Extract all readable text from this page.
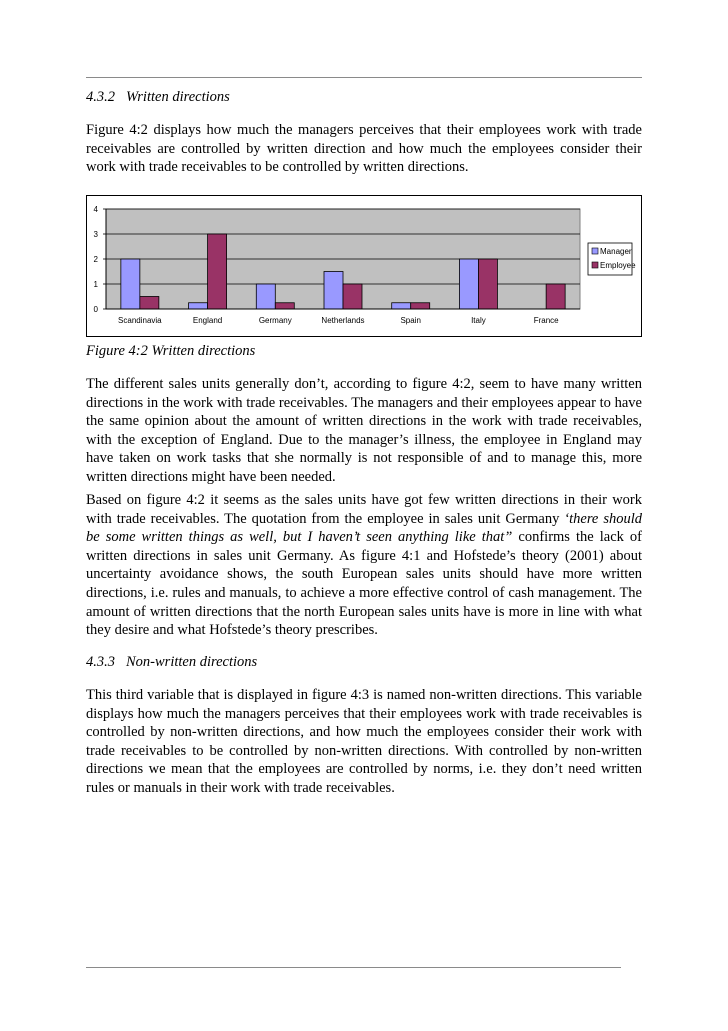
4.3.2 Written directions

Figure 4:2 displays how much the managers perceives that their employees work with trade receivables are controlled by written direction and how much the employees consider their work with trade receivables to be controlled by written directions.

0
1
2
3
4
Scandinavia	England	Germany	Netherlands	Spain	Italy	France
Manager
Employee
Figure 4:2 Written directions

The different sales units generally don’t, according to figure 4:2, seem to have many written directions in the work with trade receivables. The managers and their employees appear to have the same opinion about the amount of written directions in the work with trade receivables, with the exception of England. Due to the manager’s illness, the employee in England may have taken on work tasks that she normally is not responsible of and to manage this, more written directions might have been needed.

Based on figure 4:2 it seems as the sales units have got few written directions in their work with trade receivables. The quotation from the employee in sales unit Germany ‘there should be some written things as well, but I haven’t seen anything like that” confirms the lack of written directions in sales unit Germany. As figure 4:1 and Hofstede’s theory (2001) about uncertainty avoidance shows, the south European sales units should have more written directions, i.e. rules and manuals, to achieve a more effective control of cash management. The amount of written directions that the north European sales units have is more in line with what they desire and what Hofstede’s theory prescribes.

4.3.3 Non-written directions

This third variable that is displayed in figure 4:3 is named non-written directions. This variable displays how much the managers perceives that their employees work with trade receivables is controlled by non-written directions, and how much the employees consider their work with trade receivables to be controlled by non-written directions. With controlled by non-written directions we mean that the employees are controlled by norms, i.e. they don’t need written rules or manuals in their work with trade receivables.
